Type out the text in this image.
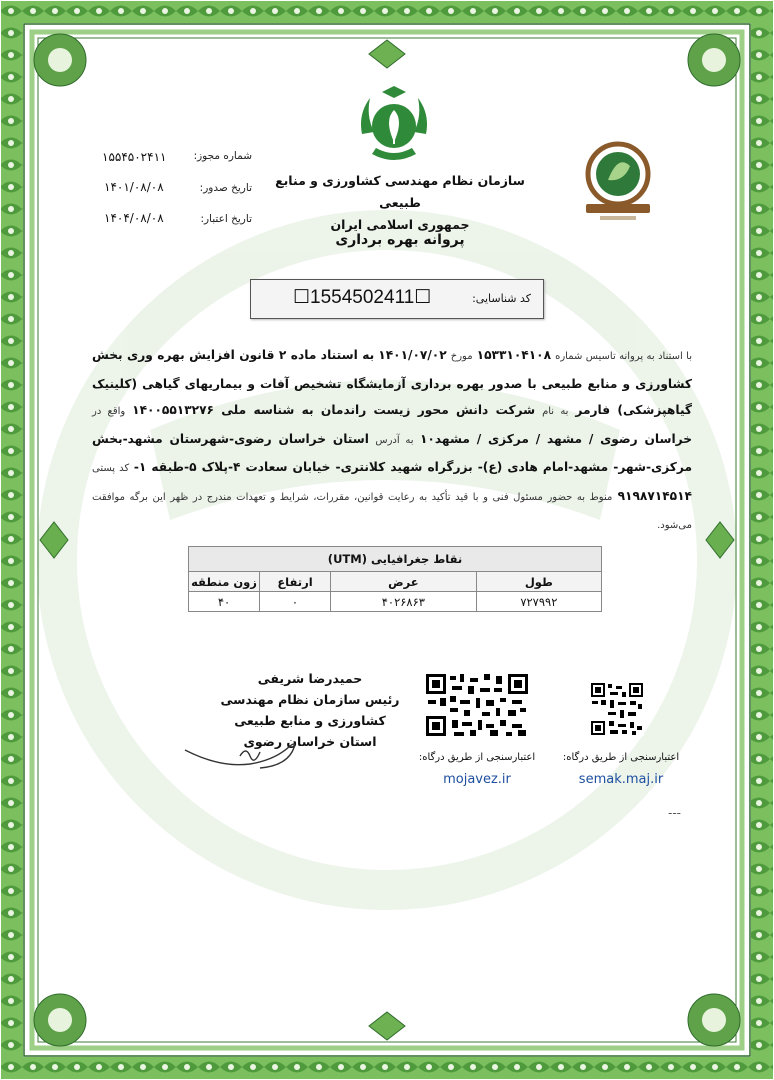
سازمان نظام مهندسی کشاورزی و منابع طبیعی
جمهوری اسلامی ایران
پروانه بهره برداری
شماره مجوز:
۱۵۵۴۵۰۲۴۱۱
تاریخ صدور:
۱۴۰۱/۰۸/۰۸
تاریخ اعتبار:
۱۴۰۴/۰۸/۰۸
کد شناسایی:
☐1554502411☐
با استناد به پروانه تاسیس شماره ۱۵۳۳۱۰۴۱۰۸ مورخ ۱۴۰۱/۰۷/۰۲ به استناد ماده ۲ قانون افزایش بهره وری بخش کشاورزی و منابع طبیعی با صدور بهره برداری آزمایشگاه تشخیص آفات و بیماریهای گیاهی (کلینیک گیاهپزشکی) فارمر به نام شرکت دانش محور زیست راندمان به شناسه ملی ۱۴۰۰۵۵۱۳۲۷۶ واقع در خراسان رضوی / مشهد / مرکزی / مشهد۱۰ به آدرس استان خراسان رضوی-شهرستان مشهد-بخش مرکزی-شهر- مشهد-امام هادی (ع)- بزرگراه شهید کلانتری- خیابان سعادت ۴-پلاک ۵-طبقه ۱- کد پستی ۹۱۹۸۷۱۴۵۱۴ منوط به حضور مسئول فنی و با قید تأکید به رعایت قوانین، مقررات، شرایط و تعهدات مندرج در ظهر این برگه موافقت می‌شود.
نقاط جغرافیایی (UTM)			
طول	عرض	ارتفاع	زون منطقه
۷۲۷۹۹۲	۴۰۲۶۸۶۳	۰	۴۰
حمیدرضا شریفی
رئیس سازمان نظام مهندسی کشاورزی و منابع طبیعی
استان خراسان رضوی
اعتبارسنجی از طریق درگاه:
mojavez.ir
اعتبارسنجی از طریق درگاه:
semak.maj.ir
---
